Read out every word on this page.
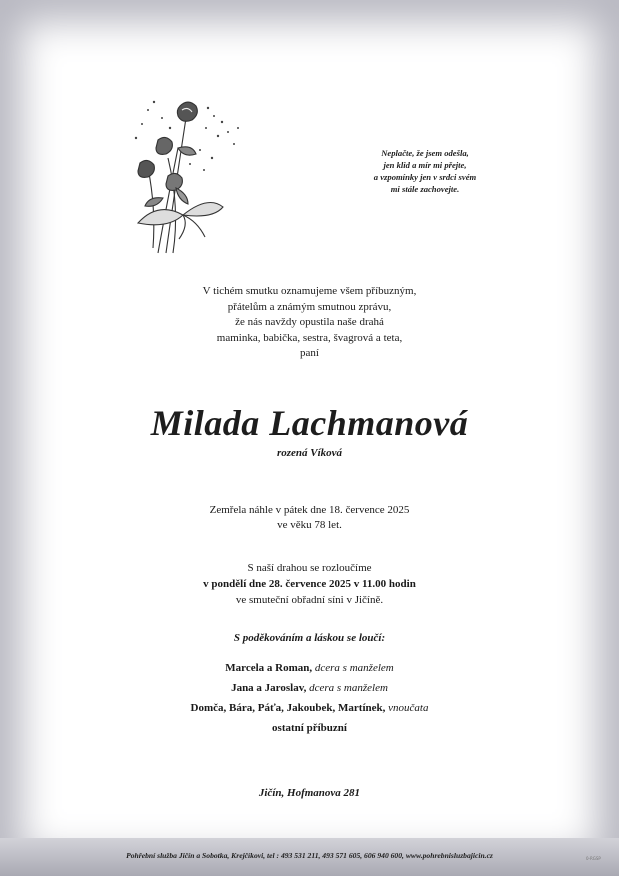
Neplačte, že jsem odešla,
jen klid a mír mi přejte,
a vzpomínky jen v srdci svém
mi stále zachovejte.
V tichém smutku oznamujeme všem příbuzným,
přátelům a známým smutnou zprávu,
že nás navždy opustila naše drahá
maminka, babička, sestra, švagrová a teta,
paní
Milada Lachmanová
rozená Víková
Zemřela náhle v pátek dne 18. července 2025
ve věku 78 let.
S naší drahou se rozloučíme
v pondělí dne 28. července 2025 v 11.00 hodin
ve smuteční obřadní síni v Jičíně.
S poděkováním a láskou se loučí:
Marcela a Roman, dcera s manželem
Jana a Jaroslav, dcera s manželem
Domča, Bára, Páťa, Jakoubek, Martínek, vnoučata
ostatní příbuzní
Jičín, Hofmanova 281
Pohřební služba Jičín a Sobotka, Krejčíkovi, tel : 493 531 211, 493 571 605, 606 940 600, www.pohrebnisluzbajicin.cz	0-RGSP
